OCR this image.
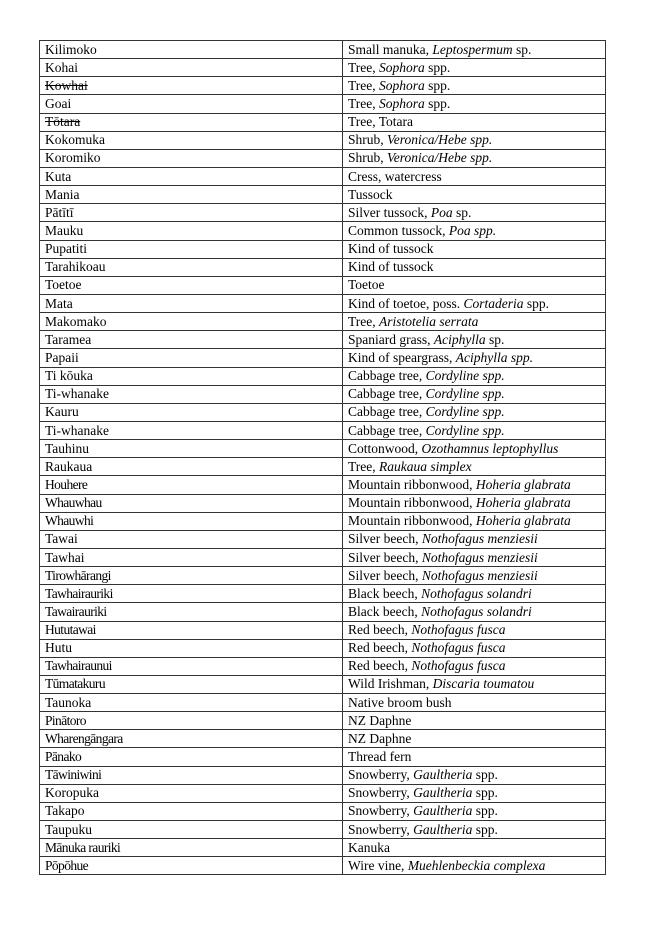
Kilimoko	Small manuka, Leptospermum sp.
Kohai	Tree, Sophora spp.
Kowhai	Tree, Sophora spp.
Goai	Tree, Sophora spp.
Tōtara	Tree, Totara
Kokomuka	Shrub, Veronica/Hebe spp.
Koromiko	Shrub, Veronica/Hebe spp.
Kuta	Cress, watercress
Mania	Tussock
Pātītī	Silver tussock, Poa sp.
Mauku	Common tussock, Poa spp.
Pupatiti	Kind of tussock
Tarahikoau	Kind of tussock
Toetoe	Toetoe
Mata	Kind of toetoe, poss. Cortaderia spp.
Makomako	Tree, Aristotelia serrata
Taramea	Spaniard grass, Aciphylla sp.
Papaii	Kind of speargrass, Aciphylla spp.
Ti kōuka	Cabbage tree, Cordyline spp.
Ti-whanake	Cabbage tree, Cordyline spp.
Kauru	Cabbage tree, Cordyline spp.
Ti-whanake	Cabbage tree, Cordyline spp.
Tauhinu	Cottonwood, Ozothamnus leptophyllus
Raukaua	Tree, Raukaua simplex
Houhere	Mountain ribbonwood, Hoheria glabrata
Whauwhau	Mountain ribbonwood, Hoheria glabrata
Whauwhi	Mountain ribbonwood, Hoheria glabrata
Tawai	Silver beech, Nothofagus menziesii
Tawhai	Silver beech, Nothofagus menziesii
Tirowhārangi	Silver beech, Nothofagus menziesii
Tawhairauriki	Black beech, Nothofagus solandri
Tawairauriki	Black beech, Nothofagus solandri
Hututawai	Red beech, Nothofagus fusca
Hutu	Red beech, Nothofagus fusca
Tawhairaunui	Red beech, Nothofagus fusca
Tūmatakuru	Wild Irishman, Discaria toumatou
Taunoka	Native broom bush
Pinātoro	NZ Daphne
Wharengāngara	NZ Daphne
Pānako	Thread fern
Tāwiniwini	Snowberry, Gaultheria spp.
Koropuka	Snowberry, Gaultheria spp.
Takapo	Snowberry, Gaultheria spp.
Taupuku	Snowberry, Gaultheria spp.
Mānuka rauriki	Kanuka
Pōpōhue	Wire vine, Muehlenbeckia complexa
